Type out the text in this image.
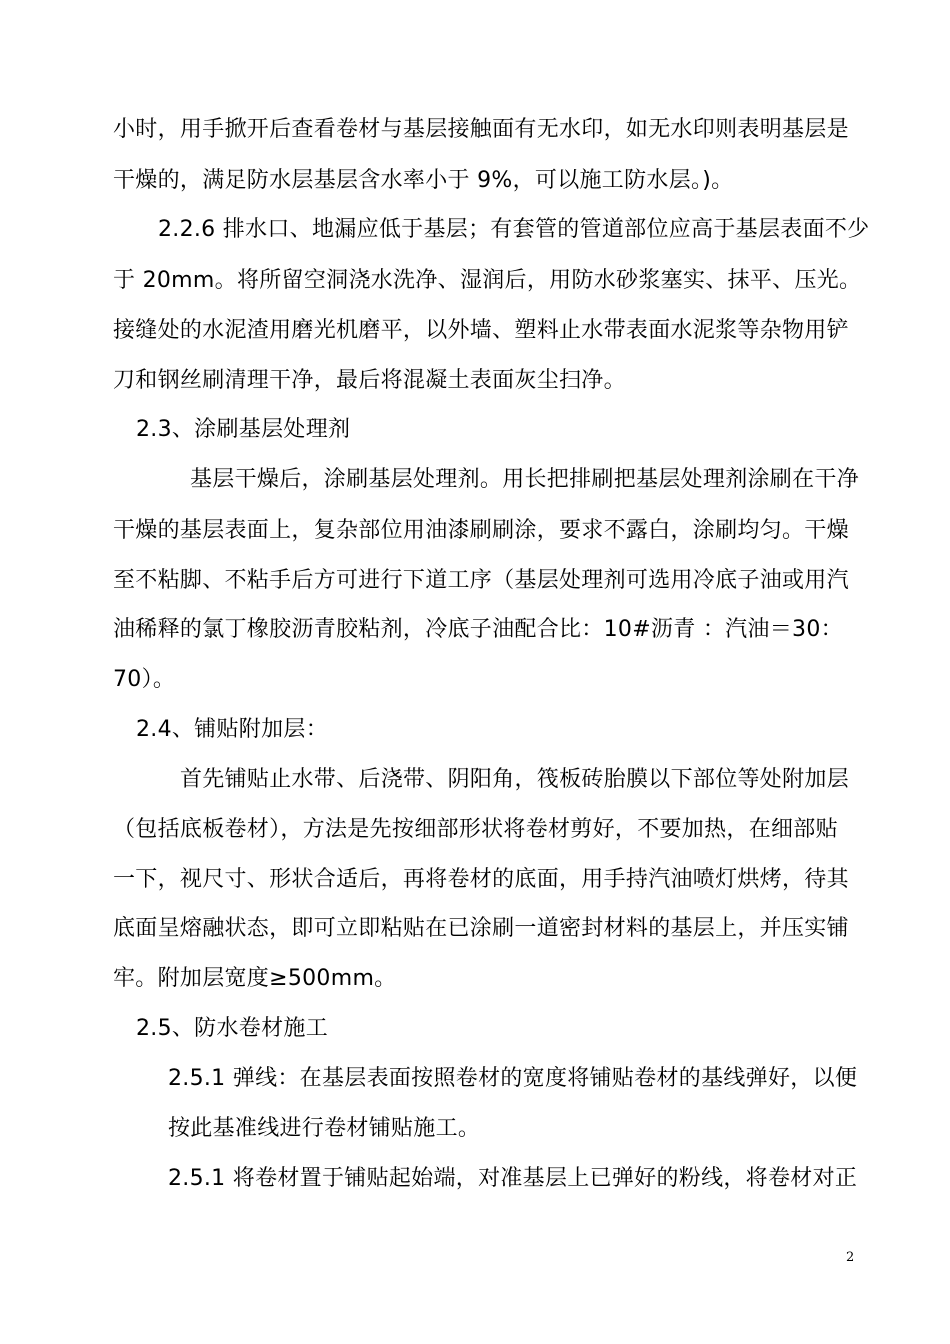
小时，用手掀开后查看卷材与基层接触面有无水印，如无水印则表明基层是
干燥的，满足防水层基层含水率小于 9%，可以施工防水层。)。
2.2.6 排水口、地漏应低于基层；有套管的管道部位应高于基层表面不少
于 20mm。将所留空洞浇水洗净、湿润后，用防水砂浆塞实、抹平、压光。
接缝处的水泥渣用磨光机磨平，以外墙、塑料止水带表面水泥浆等杂物用铲
刀和钢丝刷清理干净，最后将混凝土表面灰尘扫净。
2.3、涂刷基层处理剂
基层干燥后，涂刷基层处理剂。用长把排刷把基层处理剂涂刷在干净
干燥的基层表面上，复杂部位用油漆刷刷涂，要求不露白，涂刷均匀。干燥
至不粘脚、不粘手后方可进行下道工序（基层处理剂可选用冷底子油或用汽
油稀释的氯丁橡胶沥青胶粘剂，冷底子油配合比：10#沥青 ：汽油＝30：
70）。
2.4、铺贴附加层：
首先铺贴止水带、后浇带、阴阳角，筏板砖胎膜以下部位等处附加层
（包括底板卷材），方法是先按细部形状将卷材剪好，不要加热，在细部贴
一下，视尺寸、形状合适后，再将卷材的底面，用手持汽油喷灯烘烤，待其
底面呈熔融状态，即可立即粘贴在已涂刷一道密封材料的基层上，并压实铺
牢。附加层宽度≥500mm。
2.5、防水卷材施工
2.5.1 弹线：在基层表面按照卷材的宽度将铺贴卷材的基线弹好，以便
按此基准线进行卷材铺贴施工。
2.5.1 将卷材置于铺贴起始端，对准基层上已弹好的粉线，将卷材对正
2
